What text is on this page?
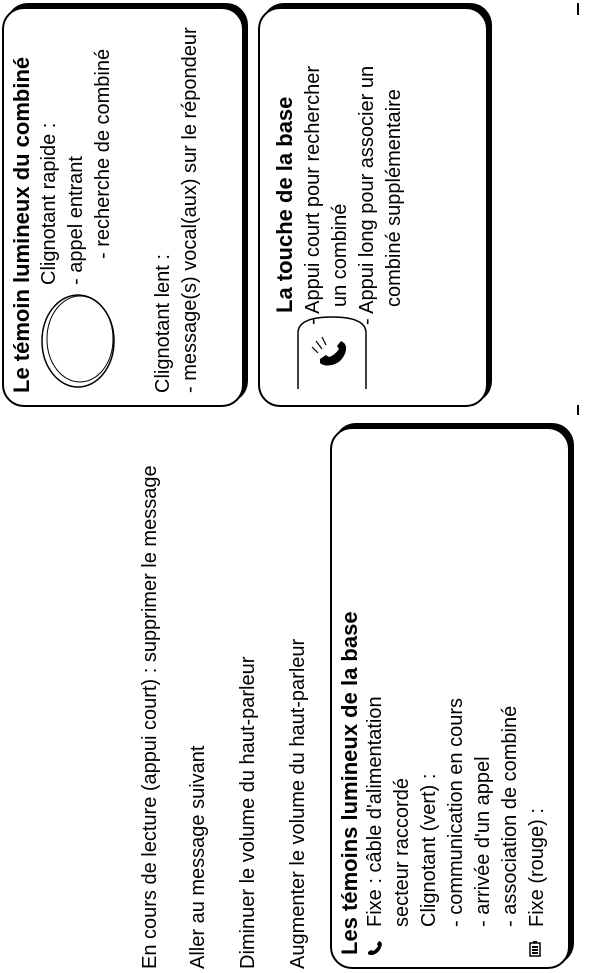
Les témoins lumineux de la base Fixe : câble d'alimentation secteur raccordé Clignotant (vert) : - communication en cours - arrivée d'un appel - association de combiné Fixe (rouge) :
Le témoin lumineux du combiné Clignotant rapide : - appel entrant - recherche de combiné
Clignotant lent : - message(s) vocal(aux) sur le répondeur	La touche de la base
- Appui court pour rechercher un combiné
- Appui long pour associer un combiné supplémentaire
Augmenter le volume du haut-parleur
Diminuer le volume du haut-parleur
Aller au message suivant
En cours de lecture (appui court) : supprimer le message
